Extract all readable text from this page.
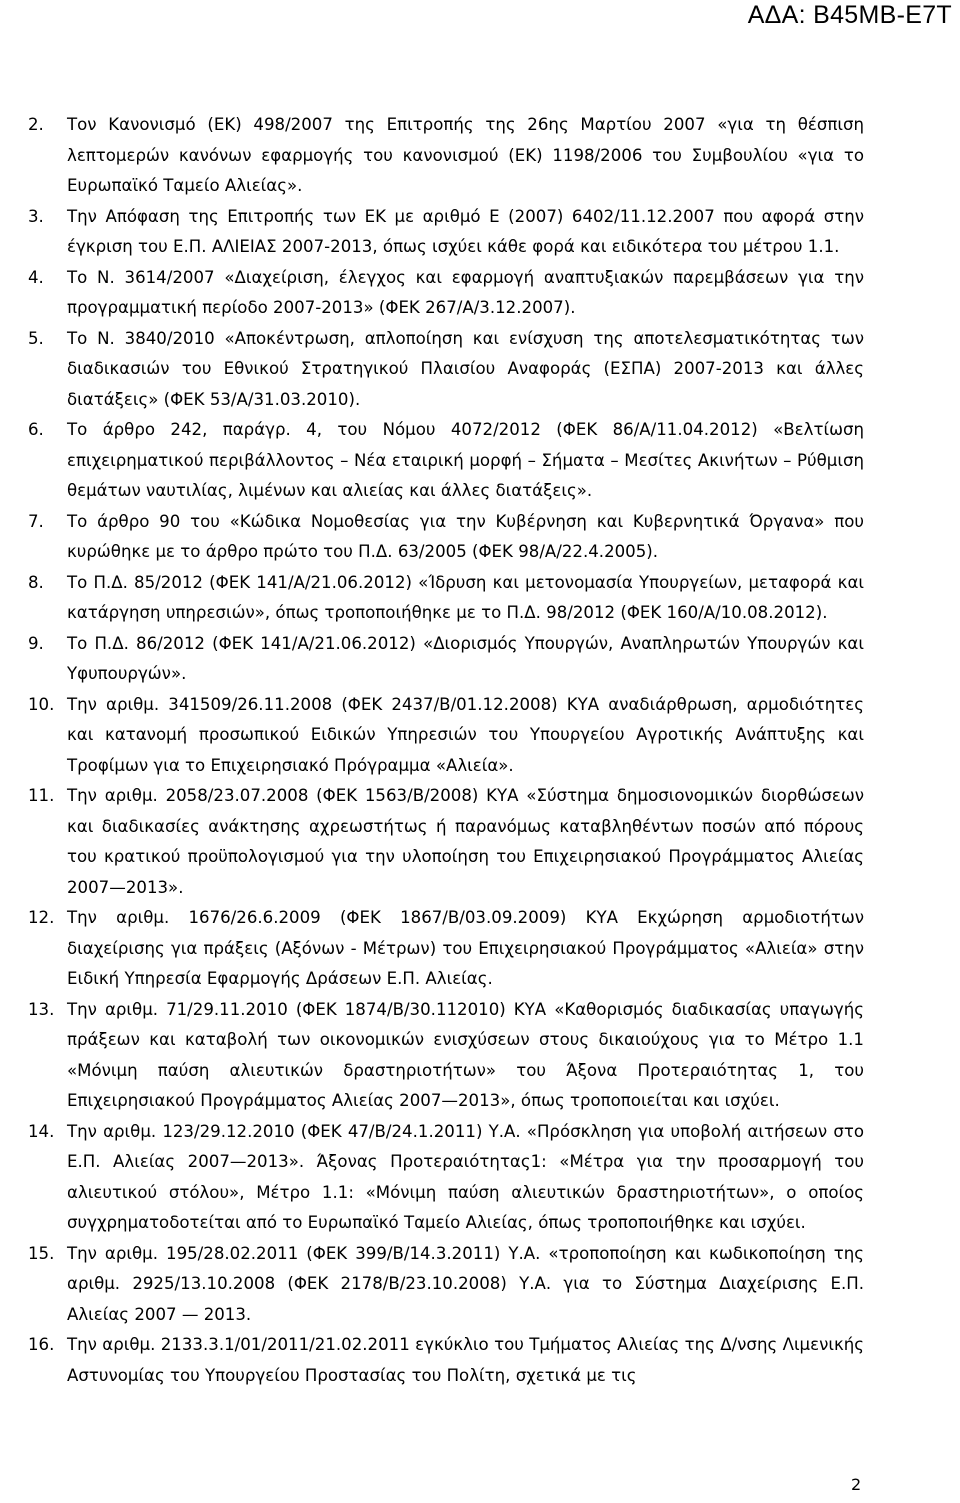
ΑΔΑ: Β45ΜΒ-Ε7Τ
2. Τον Κανονισμό (ΕΚ) 498/2007 της Επιτροπής της 26ης Μαρτίου 2007 «για τη θέσπιση λεπτομερών κανόνων εφαρμογής του κανονισμού (ΕΚ) 1198/2006 του Συμβουλίου «για το Ευρωπαϊκό Ταμείο Αλιείας».
3. Την Απόφαση της Επιτροπής των ΕΚ με αριθμό Ε (2007) 6402/11.12.2007 που αφορά στην έγκριση του Ε.Π. ΑΛΙΕΙΑΣ 2007-2013, όπως ισχύει κάθε φορά και ειδικότερα του μέτρου 1.1.
4. Το Ν. 3614/2007 «Διαχείριση, έλεγχος και εφαρμογή αναπτυξιακών παρεμβάσεων για την προγραμματική περίοδο 2007-2013» (ΦΕΚ 267/Α/3.12.2007).
5. Το Ν. 3840/2010 «Αποκέντρωση, απλοποίηση και ενίσχυση της αποτελεσματικότητας των διαδικασιών του Εθνικού Στρατηγικού Πλαισίου Αναφοράς (ΕΣΠΑ) 2007-2013 και άλλες διατάξεις» (ΦΕΚ 53/Α/31.03.2010).
6. Το άρθρο 242, παράγρ. 4, του Νόμου 4072/2012 (ΦΕΚ 86/Α/11.04.2012) «Βελτίωση επιχειρηματικού περιβάλλοντος – Νέα εταιρική μορφή – Σήματα – Μεσίτες Ακινήτων – Ρύθμιση θεμάτων ναυτιλίας, λιμένων και αλιείας και άλλες διατάξεις».
7. Το άρθρο 90 του «Κώδικα Νομοθεσίας για την Κυβέρνηση και Κυβερνητικά Όργανα» που κυρώθηκε με το άρθρο πρώτο του Π.Δ. 63/2005 (ΦΕΚ 98/Α/22.4.2005).
8. Το Π.Δ. 85/2012 (ΦΕΚ 141/Α/21.06.2012) «Ίδρυση και μετονομασία Υπουργείων, μεταφορά και κατάργηση υπηρεσιών», όπως τροποποιήθηκε με το Π.Δ. 98/2012 (ΦΕΚ 160/Α/10.08.2012).
9. Το Π.Δ. 86/2012 (ΦΕΚ 141/Α/21.06.2012) «Διορισμός Υπουργών, Αναπληρωτών Υπουργών και Υφυπουργών».
10. Την αριθμ. 341509/26.11.2008 (ΦΕΚ 2437/Β/01.12.2008) ΚΥΑ αναδιάρθρωση, αρμοδιότητες και κατανομή προσωπικού Ειδικών Υπηρεσιών του Υπουργείου Αγροτικής Ανάπτυξης και Τροφίμων για το Επιχειρησιακό Πρόγραμμα «Αλιεία».
11. Την αριθμ. 2058/23.07.2008 (ΦΕΚ 1563/Β/2008) ΚΥΑ «Σύστημα δημοσιονομικών διορθώσεων και διαδικασίες ανάκτησης αχρεωστήτως ή παρανόμως καταβληθέντων ποσών από πόρους του κρατικού προϋπολογισμού για την υλοποίηση του Επιχειρησιακού Προγράμματος Αλιείας 2007—2013».
12. Την αριθμ. 1676/26.6.2009 (ΦΕΚ 1867/Β/03.09.2009) ΚΥΑ Εκχώρηση αρμοδιοτήτων διαχείρισης για πράξεις (Αξόνων - Μέτρων) του Επιχειρησιακού Προγράμματος «Αλιεία» στην Ειδική Υπηρεσία Εφαρμογής Δράσεων Ε.Π. Αλιείας.
13. Την αριθμ. 71/29.11.2010 (ΦΕΚ 1874/Β/30.112010) ΚΥΑ «Καθορισμός διαδικασίας υπαγωγής πράξεων και καταβολή των οικονομικών ενισχύσεων στους δικαιούχους για το Μέτρο 1.1 «Μόνιμη παύση αλιευτικών δραστηριοτήτων» του Άξονα Προτεραιότητας 1, του Επιχειρησιακού Προγράμματος Αλιείας 2007—2013», όπως τροποποιείται και ισχύει.
14. Την αριθμ. 123/29.12.2010 (ΦΕΚ 47/Β/24.1.2011) Υ.Α. «Πρόσκληση για υποβολή αιτήσεων στο Ε.Π. Αλιείας 2007—2013». Άξονας Προτεραιότητας1: «Μέτρα για την προσαρμογή του αλιευτικού στόλου», Μέτρο 1.1: «Μόνιμη παύση αλιευτικών δραστηριοτήτων», ο οποίος συγχρηματοδοτείται από το Ευρωπαϊκό Ταμείο Αλιείας, όπως τροποποιήθηκε και ισχύει.
15. Την αριθμ. 195/28.02.2011 (ΦΕΚ 399/Β/14.3.2011) Υ.Α. «τροποποίηση και κωδικοποίηση της αριθμ. 2925/13.10.2008 (ΦΕΚ 2178/Β/23.10.2008) Υ.Α. για το Σύστημα Διαχείρισης Ε.Π. Αλιείας 2007 — 2013.
16. Την αριθμ. 2133.3.1/01/2011/21.02.2011 εγκύκλιο του Τμήματος Αλιείας της Δ/νσης Λιμενικής Αστυνομίας του Υπουργείου Προστασίας του Πολίτη, σχετικά με τις
2
